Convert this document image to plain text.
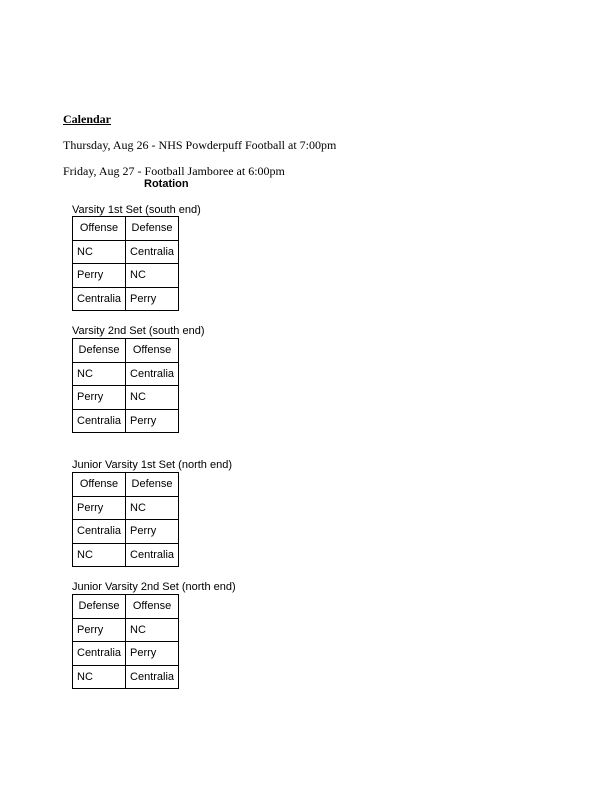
Calendar
Thursday, Aug 26 - NHS Powderpuff Football at 7:00pm
Friday, Aug 27 - Football Jamboree at 6:00pm
Rotation
Varsity 1st Set (south end)
Offense	Defense
NC	Centralia
Perry	NC
Centralia	Perry
Varsity 2nd Set (south end)
Defense	Offense
NC	Centralia
Perry	NC
Centralia	Perry
Junior Varsity 1st Set (north end)
Offense	Defense
Perry	NC
Centralia	Perry
NC	Centralia
Junior Varsity 2nd Set (north end)
Defense	Offense
Perry	NC
Centralia	Perry
NC	Centralia
